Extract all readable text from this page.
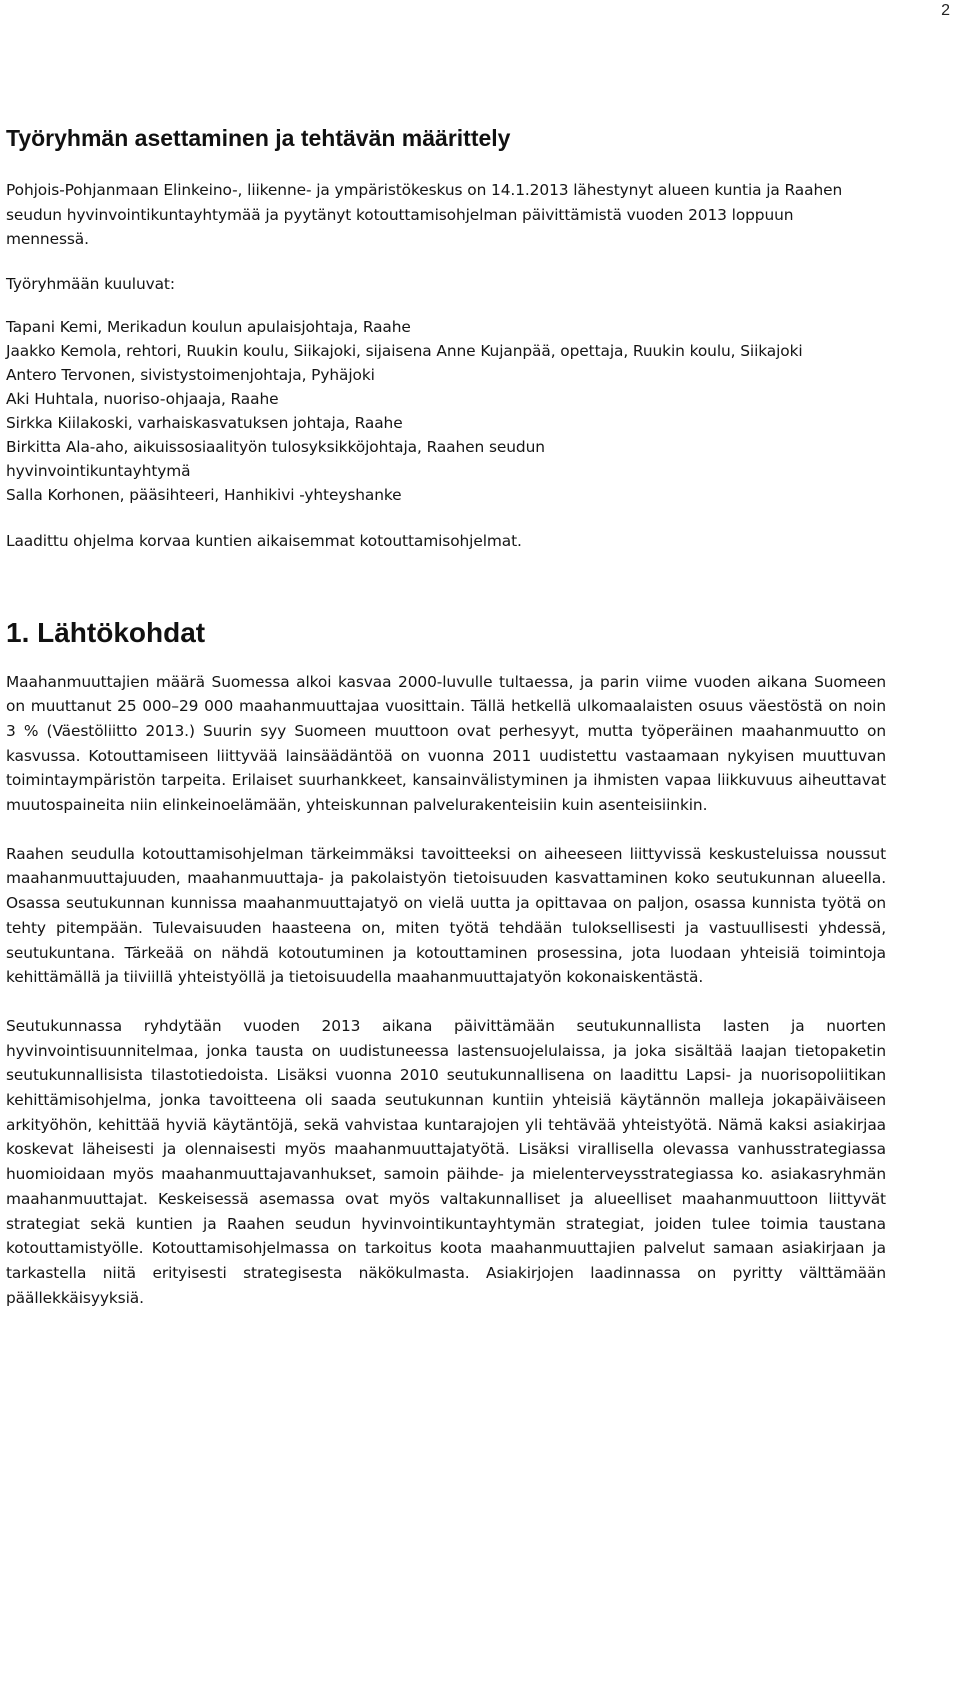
2
Työryhmän asettaminen ja tehtävän määrittely

Pohjois-Pohjanmaan Elinkeino-, liikenne- ja ympäristökeskus on 14.1.2013 lähestynyt alueen kuntia ja Raahen seudun hyvinvointikuntayhtymää ja pyytänyt kotouttamisohjelman päivittämistä vuoden 2013 loppuun mennessä.

Työryhmään kuuluvat:

Tapani Kemi, Merikadun koulun apulaisjohtaja, Raahe
Jaakko Kemola, rehtori, Ruukin koulu, Siikajoki, sijaisena Anne Kujanpää, opettaja, Ruukin koulu, Siikajoki
Antero Tervonen, sivistystoimenjohtaja, Pyhäjoki
Aki Huhtala, nuoriso-ohjaaja, Raahe
Sirkka Kiilakoski, varhaiskasvatuksen johtaja, Raahe
Birkitta Ala-aho, aikuissosiaalityön tulosyksikköjohtaja, Raahen seudun hyvinvointikuntayhtymä
Salla Korhonen, pääsihteeri, Hanhikivi -yhteyshanke

Laadittu ohjelma korvaa kuntien aikaisemmat kotouttamisohjelmat.

1. Lähtökohdat

Maahanmuuttajien määrä Suomessa alkoi kasvaa 2000-luvulle tultaessa, ja parin viime vuoden aikana Suomeen on muuttanut 25 000–29 000 maahanmuuttajaa vuosittain. Tällä hetkellä ulkomaalaisten osuus väestöstä on noin 3 % (Väestöliitto 2013.) Suurin syy Suomeen muuttoon ovat perhesyyt, mutta työperäinen maahanmuutto on kasvussa. Kotouttamiseen liittyvää lainsäädäntöä on vuonna 2011 uudistettu vastaamaan nykyisen muuttuvan toimintaympäristön tarpeita. Erilaiset suurhankkeet, kansainvälistyminen ja ihmisten vapaa liikkuvuus aiheuttavat muutospaineita niin elinkeinoelämään, yhteiskunnan palvelurakenteisiin kuin asenteisiinkin.

Raahen seudulla kotouttamisohjelman tärkeimmäksi tavoitteeksi on aiheeseen liittyvissä keskusteluissa noussut maahanmuuttajuuden, maahanmuuttaja- ja pakolaistyön tietoisuuden kasvattaminen koko seutukunnan alueella. Osassa seutukunnan kunnissa maahanmuuttajatyö on vielä uutta ja opittavaa on paljon, osassa kunnista työtä on tehty pitempään. Tulevaisuuden haasteena on, miten työtä tehdään tuloksellisesti ja vastuullisesti yhdessä, seutukuntana. Tärkeää on nähdä kotoutuminen ja kotouttaminen prosessina, jota luodaan yhteisiä toimintoja kehittämällä ja tiiviillä yhteistyöllä ja tietoisuudella maahanmuuttajatyön kokonaiskentästä.

Seutukunnassa ryhdytään vuoden 2013 aikana päivittämään seutukunnallista lasten ja nuorten hyvinvointisuunnitelmaa, jonka tausta on uudistuneessa lastensuojelulaissa, ja joka sisältää laajan tietopaketin seutukunnallisista tilastotiedoista. Lisäksi vuonna 2010 seutukunnallisena on laadittu Lapsi- ja nuorisopoliitikan kehittämisohjelma, jonka tavoitteena oli saada seutukunnan kuntiin yhteisiä käytännön malleja jokapäiväiseen arkityöhön, kehittää hyviä käytäntöjä, sekä vahvistaa kuntarajojen yli tehtävää yhteistyötä. Nämä kaksi asiakirjaa koskevat läheisesti ja olennaisesti myös maahanmuuttajatyötä. Lisäksi virallisella olevassa vanhusstrategiassa huomioidaan myös maahanmuuttajavanhukset, samoin päihde- ja mielenterveysstrategiassa ko. asiakasryhmän maahanmuuttajat. Keskeisessä asemassa ovat myös valtakunnalliset ja alueelliset maahanmuuttoon liittyvät strategiat sekä kuntien ja Raahen seudun hyvinvointikuntayhtymän strategiat, joiden tulee toimia taustana kotouttamistyölle. Kotouttamisohjelmassa on tarkoitus koota maahanmuuttajien palvelut samaan asiakirjaan ja tarkastella niitä erityisesti strategisesta näkökulmasta. Asiakirjojen laadinnassa on pyritty välttämään päällekkäisyyksiä.
